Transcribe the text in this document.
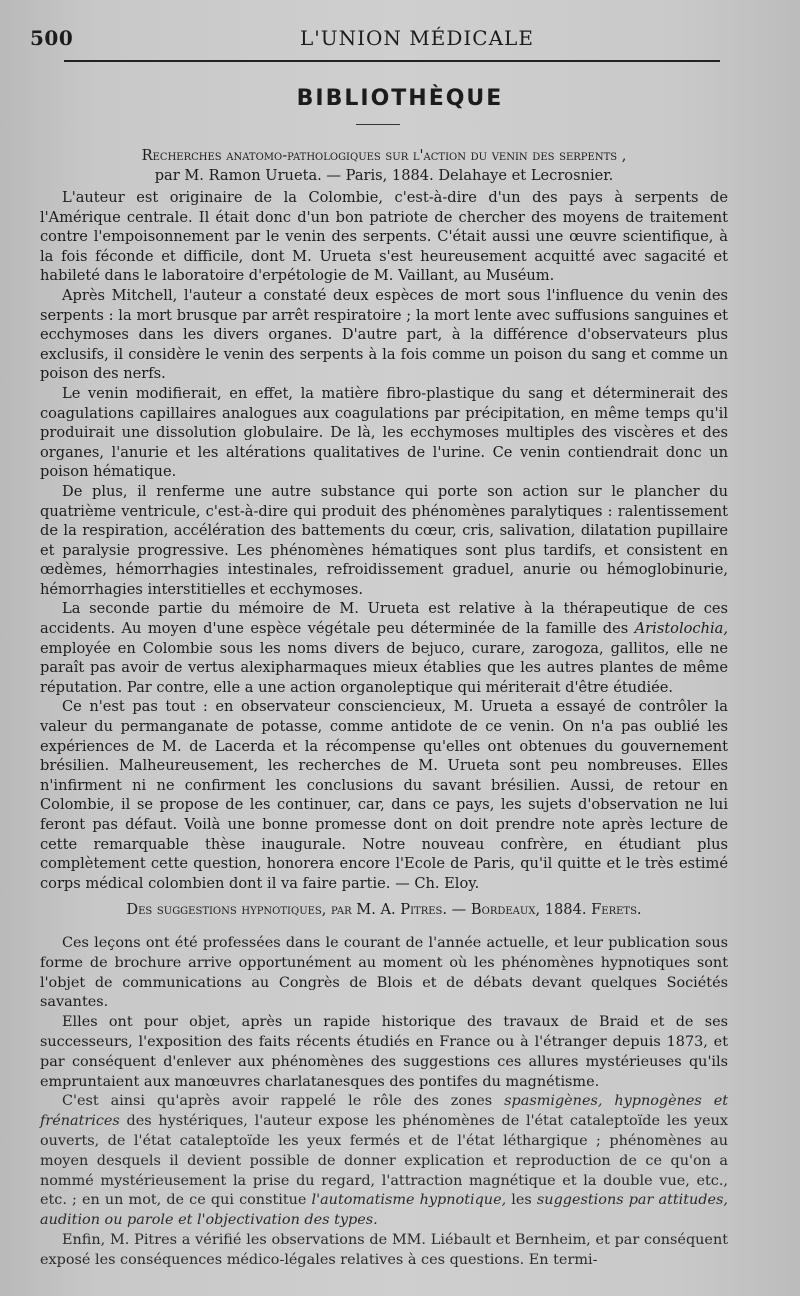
500	L'UNION MÉDICALE
BIBLIOTHÈQUE
Recherches anatomo-pathologiques sur l'action du venin des serpents ,
par M. Ramon Urueta. — Paris, 1884. Delahaye et Lecrosnier.

L'auteur est originaire de la Colombie, c'est-à-dire d'un des pays à serpents de l'Amérique centrale. Il était donc d'un bon patriote de chercher des moyens de traitement contre l'empoisonnement par le venin des serpents. C'était aussi une œuvre scientifique, à la fois féconde et difficile, dont M. Urueta s'est heureusement acquitté avec sagacité et habileté dans le laboratoire d'erpétologie de M. Vaillant, au Muséum.

Après Mitchell, l'auteur a constaté deux espèces de mort sous l'influence du venin des serpents : la mort brusque par arrêt respiratoire ; la mort lente avec suffusions sanguines et ecchymoses dans les divers organes. D'autre part, à la différence d'observateurs plus exclusifs, il considère le venin des serpents à la fois comme un poison du sang et comme un poison des nerfs.

Le venin modifierait, en effet, la matière fibro-plastique du sang et déterminerait des coagulations capillaires analogues aux coagulations par précipitation, en même temps qu'il produirait une dissolution globulaire. De là, les ecchymoses multiples des viscères et des organes, l'anurie et les altérations qualitatives de l'urine. Ce venin contiendrait donc un poison hématique.

De plus, il renferme une autre substance qui porte son action sur le plancher du quatrième ventricule, c'est-à-dire qui produit des phénomènes paralytiques : ralentissement de la respiration, accélération des battements du cœur, cris, salivation, dilatation pupillaire et paralysie progressive. Les phénomènes hématiques sont plus tardifs, et consistent en œdèmes, hémorrhagies intestinales, refroidissement graduel, anurie ou hémoglobinurie, hémorrhagies interstitielles et ecchymoses.

La seconde partie du mémoire de M. Urueta est relative à la thérapeutique de ces accidents. Au moyen d'une espèce végétale peu déterminée de la famille des Aristolochia, employée en Colombie sous les noms divers de bejuco, curare, zarogoza, gallitos, elle ne paraît pas avoir de vertus alexipharmaques mieux établies que les autres plantes de même réputation. Par contre, elle a une action organoleptique qui mériterait d'être étudiée.

Ce n'est pas tout : en observateur consciencieux, M. Urueta a essayé de contrôler la valeur du permanganate de potasse, comme antidote de ce venin. On n'a pas oublié les expériences de M. de Lacerda et la récompense qu'elles ont obtenues du gouvernement brésilien. Malheureusement, les recherches de M. Urueta sont peu nombreuses. Elles n'infirment ni ne confirment les conclusions du savant brésilien. Aussi, de retour en Colombie, il se propose de les continuer, car, dans ce pays, les sujets d'observation ne lui feront pas défaut. Voilà une bonne promesse dont on doit prendre note après lecture de cette remarquable thèse inaugurale. Notre nouveau confrère, en étudiant plus complètement cette question, honorera encore l'Ecole de Paris, qu'il quitte et le très estimé corps médical colombien dont il va faire partie. — Ch. Eloy.

Des suggestions hypnotiques, par M. A. Pitres. — Bordeaux, 1884. Ferets.

Ces leçons ont été professées dans le courant de l'année actuelle, et leur publication sous forme de brochure arrive opportunément au moment où les phénomènes hypnotiques sont l'objet de communications au Congrès de Blois et de débats devant quelques Sociétés savantes.

Elles ont pour objet, après un rapide historique des travaux de Braid et de ses successeurs, l'exposition des faits récents étudiés en France ou à l'étranger depuis 1873, et par conséquent d'enlever aux phénomènes des suggestions ces allures mystérieuses qu'ils empruntaient aux manœuvres charlatanesques des pontifes du magnétisme.

C'est ainsi qu'après avoir rappelé le rôle des zones spasmigènes, hypnogènes et frénatrices des hystériques, l'auteur expose les phénomènes de l'état cataleptoïde les yeux ouverts, de l'état cataleptoïde les yeux fermés et de l'état léthargique ; phénomènes au moyen desquels il devient possible de donner explication et reproduction de ce qu'on a nommé mystérieusement la prise du regard, l'attraction magnétique et la double vue, etc., etc. ; en un mot, de ce qui constitue l'automatisme hypnotique, les suggestions par attitudes, audition ou parole et l'objectivation des types.

Enfin, M. Pitres a vérifié les observations de MM. Liébault et Bernheim, et par conséquent exposé les conséquences médico-légales relatives à ces questions. En termi-
